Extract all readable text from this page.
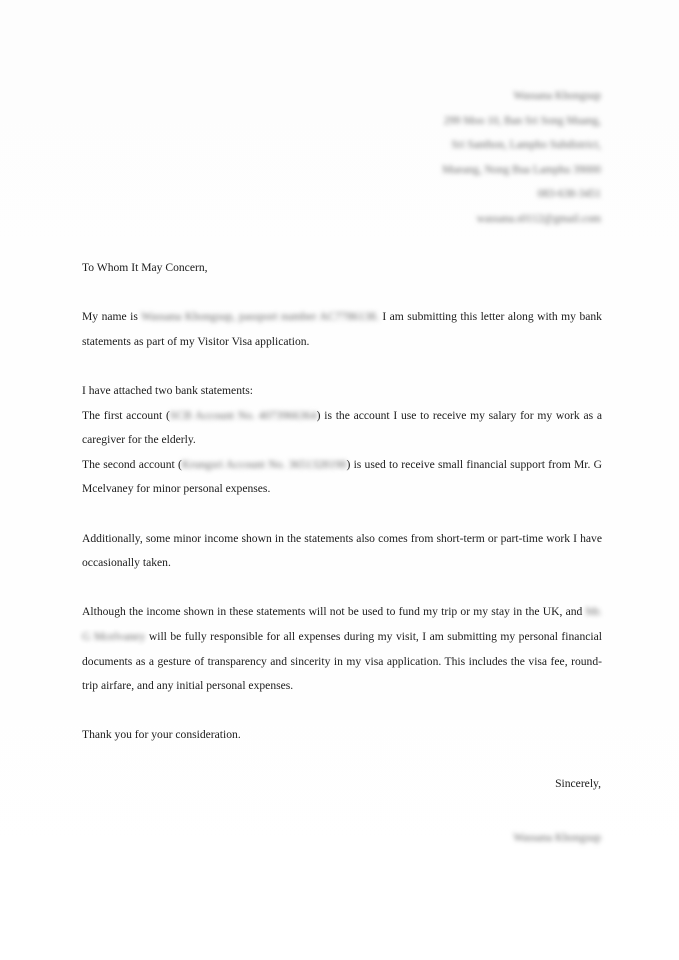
Wassana Khongsup
299 Moo 10, Ban Sri Song Muang,
Sri Santhon, Lampho Subdistrict,
Mueang, Nong Bua Lamphu 39000
083-638-3451
wassana.s0112@gmail.com

To Whom It May Concern,

My name is Wassana Khongsup, passport number AC7786138. I am submitting this letter along with my bank statements as part of my Visitor Visa application.

I have attached two bank statements:

The first account (SCB Account No. 4073966364) is the account I use to receive my salary for my work as a caregiver for the elderly.

The second account (Krungsri Account No. 3651328198) is used to receive small financial support from Mr. G Mcelvaney for minor personal expenses.

Additionally, some minor income shown in the statements also comes from short-term or part-time work I have occasionally taken.

Although the income shown in these statements will not be used to fund my trip or my stay in the UK, and Mr. G Mcelvaney will be fully responsible for all expenses during my visit, I am submitting my personal financial documents as a gesture of transparency and sincerity in my visa application. This includes the visa fee, round-trip airfare, and any initial personal expenses.

Thank you for your consideration.

Sincerely,
Wassana Khongsup
